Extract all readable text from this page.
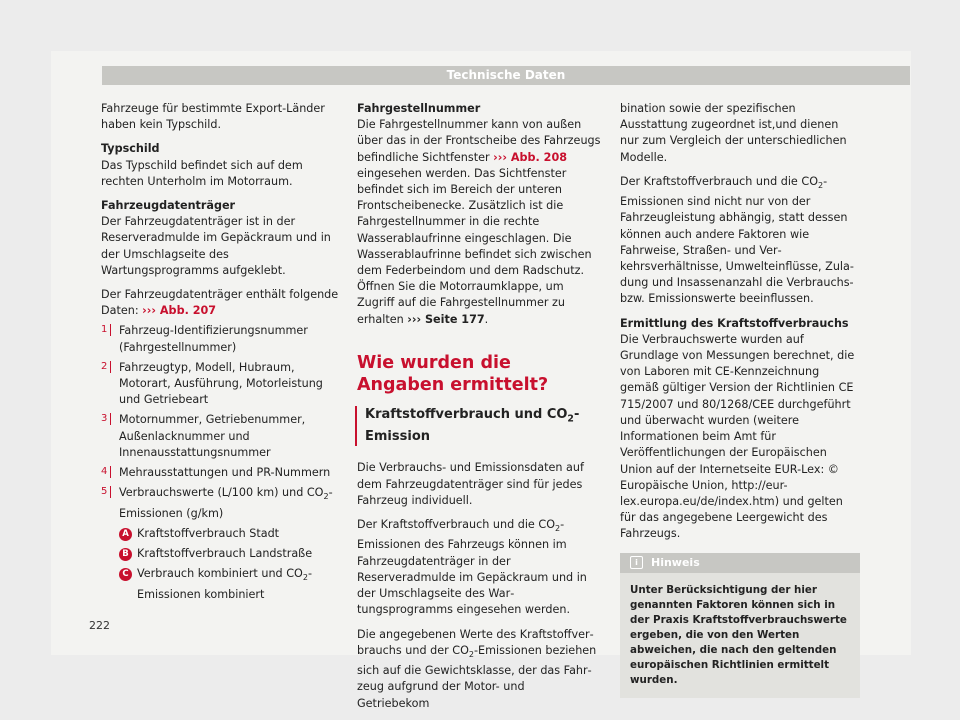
Technische Daten

Fahrzeuge für bestimmte Export-Länder haben kein Typschild.

Typschild

Das Typschild befindet sich auf dem rechten Unterholm im Motorraum.

Fahrzeugdatenträger

Der Fahrzeugdatenträger ist in der Reserveradmulde im Gepäckraum und in der Umschlagseite des Wartungsprogramms aufgeklebt.

Der Fahrzeugdatenträger enthält folgende Daten: ››› Abb. 207

1	Fahrzeug-Identifizierungsnummer (Fahrgestellnummer)
2	Fahrzeugtyp, Modell, Hubraum, Motorart, Ausführung, Motorleistung und Getriebeart
3	Motornummer, Getriebenummer, Außenlacknummer und Innenausstattungsnummer
4	Mehrausstattungen und PR-Nummern
5	Verbrauchswerte (L/100 km) und $CO_2$-Emissionen (g/km)
A Kraftstoffverbrauch Stadt
B Kraftstoffverbrauch Landstraße
C Verbrauch kombiniert und $CO_2$-Emissionen kombiniert

Fahrgestellnummer

Die Fahrgestellnummer kann von außen über das in der Frontscheibe des Fahrzeugs befindliche Sichtfenster ››› Abb. 208 eingesehen werden. Das Sichtfenster befindet sich im Bereich der unteren Frontscheibenecke. Zusätzlich ist die Fahrgestellnummer in die rechte Wasserablaufrinne eingeschlagen. Die Wasserablaufrinne befindet sich zwischen dem Federbeindom und dem Radschutz. Öffnen Sie die Motorraumklappe, um Zugriff auf die Fahrgestellnummer zu erhalten ››› Seite 177.

Wie wurden die Angaben ermittelt?
Kraftstoffverbrauch und $CO_2$-Emission

Die Verbrauchs- und Emissionsdaten auf dem Fahrzeugdatenträger sind für jedes Fahrzeug individuell.

Der Kraftstoffverbrauch und die $CO_2$-Emissionen des Fahrzeugs können im Fahrzeugdatenträger in der Reserveradmulde im Gepäckraum und in der Umschlagseite des Wartungsprogramms eingesehen werden.

Die angegebenen Werte des Kraftstoffverbrauchs und der $CO_2$-Emissionen beziehen sich auf die Gewichtsklasse, der das Fahrzeug aufgrund der Motor- und Getriebekom

bination sowie der spezifischen Ausstattung zugeordnet ist,und dienen nur zum Vergleich der unterschiedlichen Modelle.

Der Kraftstoffverbrauch und die $CO_2$-Emissionen sind nicht nur von der Fahrzeugleistung abhängig, statt dessen können auch andere Faktoren wie Fahrweise, Straßen- und Verkehrsverhältnisse, Umwelteinflüsse, Zuladung und Insassenanzahl die Verbrauchsbzw. Emissionswerte beeinflussen.

Ermittlung des Kraftstoffverbrauchs

Die Verbrauchswerte wurden auf Grundlage von Messungen berechnet, die von Laboren mit CE-Kennzeichnung gemäß gültiger Version der Richtlinien CE 715/2007 und 80/1268/CEE durchgeführt und überwacht wurden (weitere Informationen beim Amt für Veröffentlichungen der Europäischen Union auf der Internetseite EUR-Lex: © Europäische Union, http://eur-lex.europa.eu/de/index.htm) und gelten für das angegebene Leergewicht des Fahrzeugs.

i Hinweis
Unter Berücksichtigung der hier genannten Faktoren können sich in der Praxis Kraftstoffverbrauchswerte ergeben, die von den Werten abweichen, die nach den geltenden europäischen Richtlinien ermittelt wurden.
222
